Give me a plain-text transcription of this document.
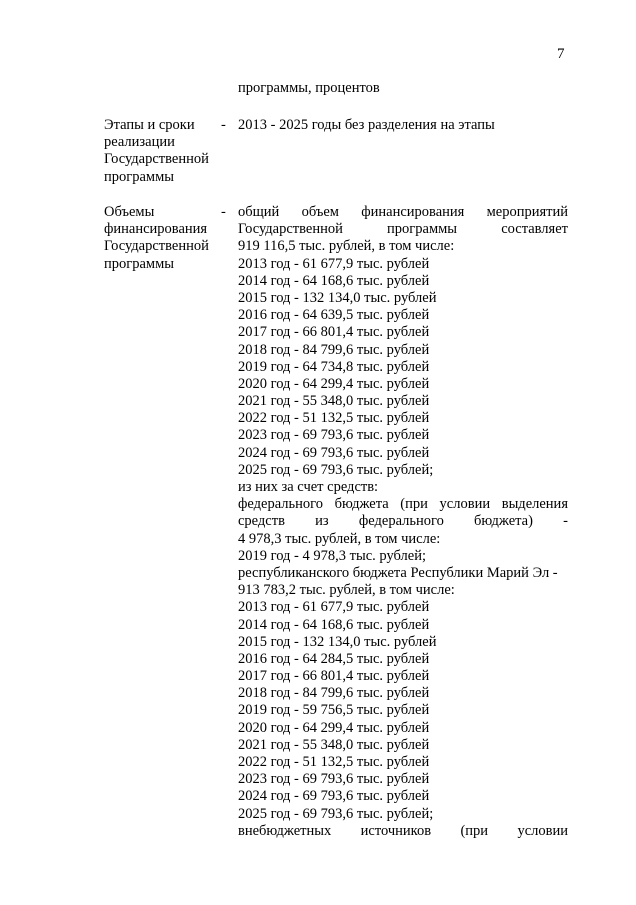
7
программы, процентов
Этапы и сроки
реализации
Государственной
программы
- 2013 - 2025 годы без разделения на этапы
Объемы
финансирования
Государственной
программы
- общий объем финансирования мероприятий
Государственной программы составляет
919 116,5 тыс. рублей, в том числе:
2013 год - 61 677,9 тыс. рублей
2014 год - 64 168,6 тыс. рублей
2015 год - 132 134,0 тыс. рублей
2016 год - 64 639,5 тыс. рублей
2017 год - 66 801,4 тыс. рублей
2018 год - 84 799,6 тыс. рублей
2019 год - 64 734,8 тыс. рублей
2020 год - 64 299,4 тыс. рублей
2021 год - 55 348,0 тыс. рублей
2022 год - 51 132,5 тыс. рублей
2023 год - 69 793,6 тыс. рублей
2024 год - 69 793,6 тыс. рублей
2025 год - 69 793,6 тыс. рублей;
из них за счет средств:
федерального бюджета (при условии выделения
средств из федерального бюджета) -
4 978,3 тыс. рублей, в том числе:
2019 год - 4 978,3 тыс. рублей;
республиканского бюджета Республики Марий Эл -
913 783,2 тыс. рублей, в том числе:
2013 год - 61 677,9 тыс. рублей
2014 год - 64 168,6 тыс. рублей
2015 год - 132 134,0 тыс. рублей
2016 год - 64 284,5 тыс. рублей
2017 год - 66 801,4 тыс. рублей
2018 год - 84 799,6 тыс. рублей
2019 год - 59 756,5 тыс. рублей
2020 год - 64 299,4 тыс. рублей
2021 год - 55 348,0 тыс. рублей
2022 год - 51 132,5 тыс. рублей
2023 год - 69 793,6 тыс. рублей
2024 год - 69 793,6 тыс. рублей
2025 год - 69 793,6 тыс. рублей;
внебюджетных источников (при условии
